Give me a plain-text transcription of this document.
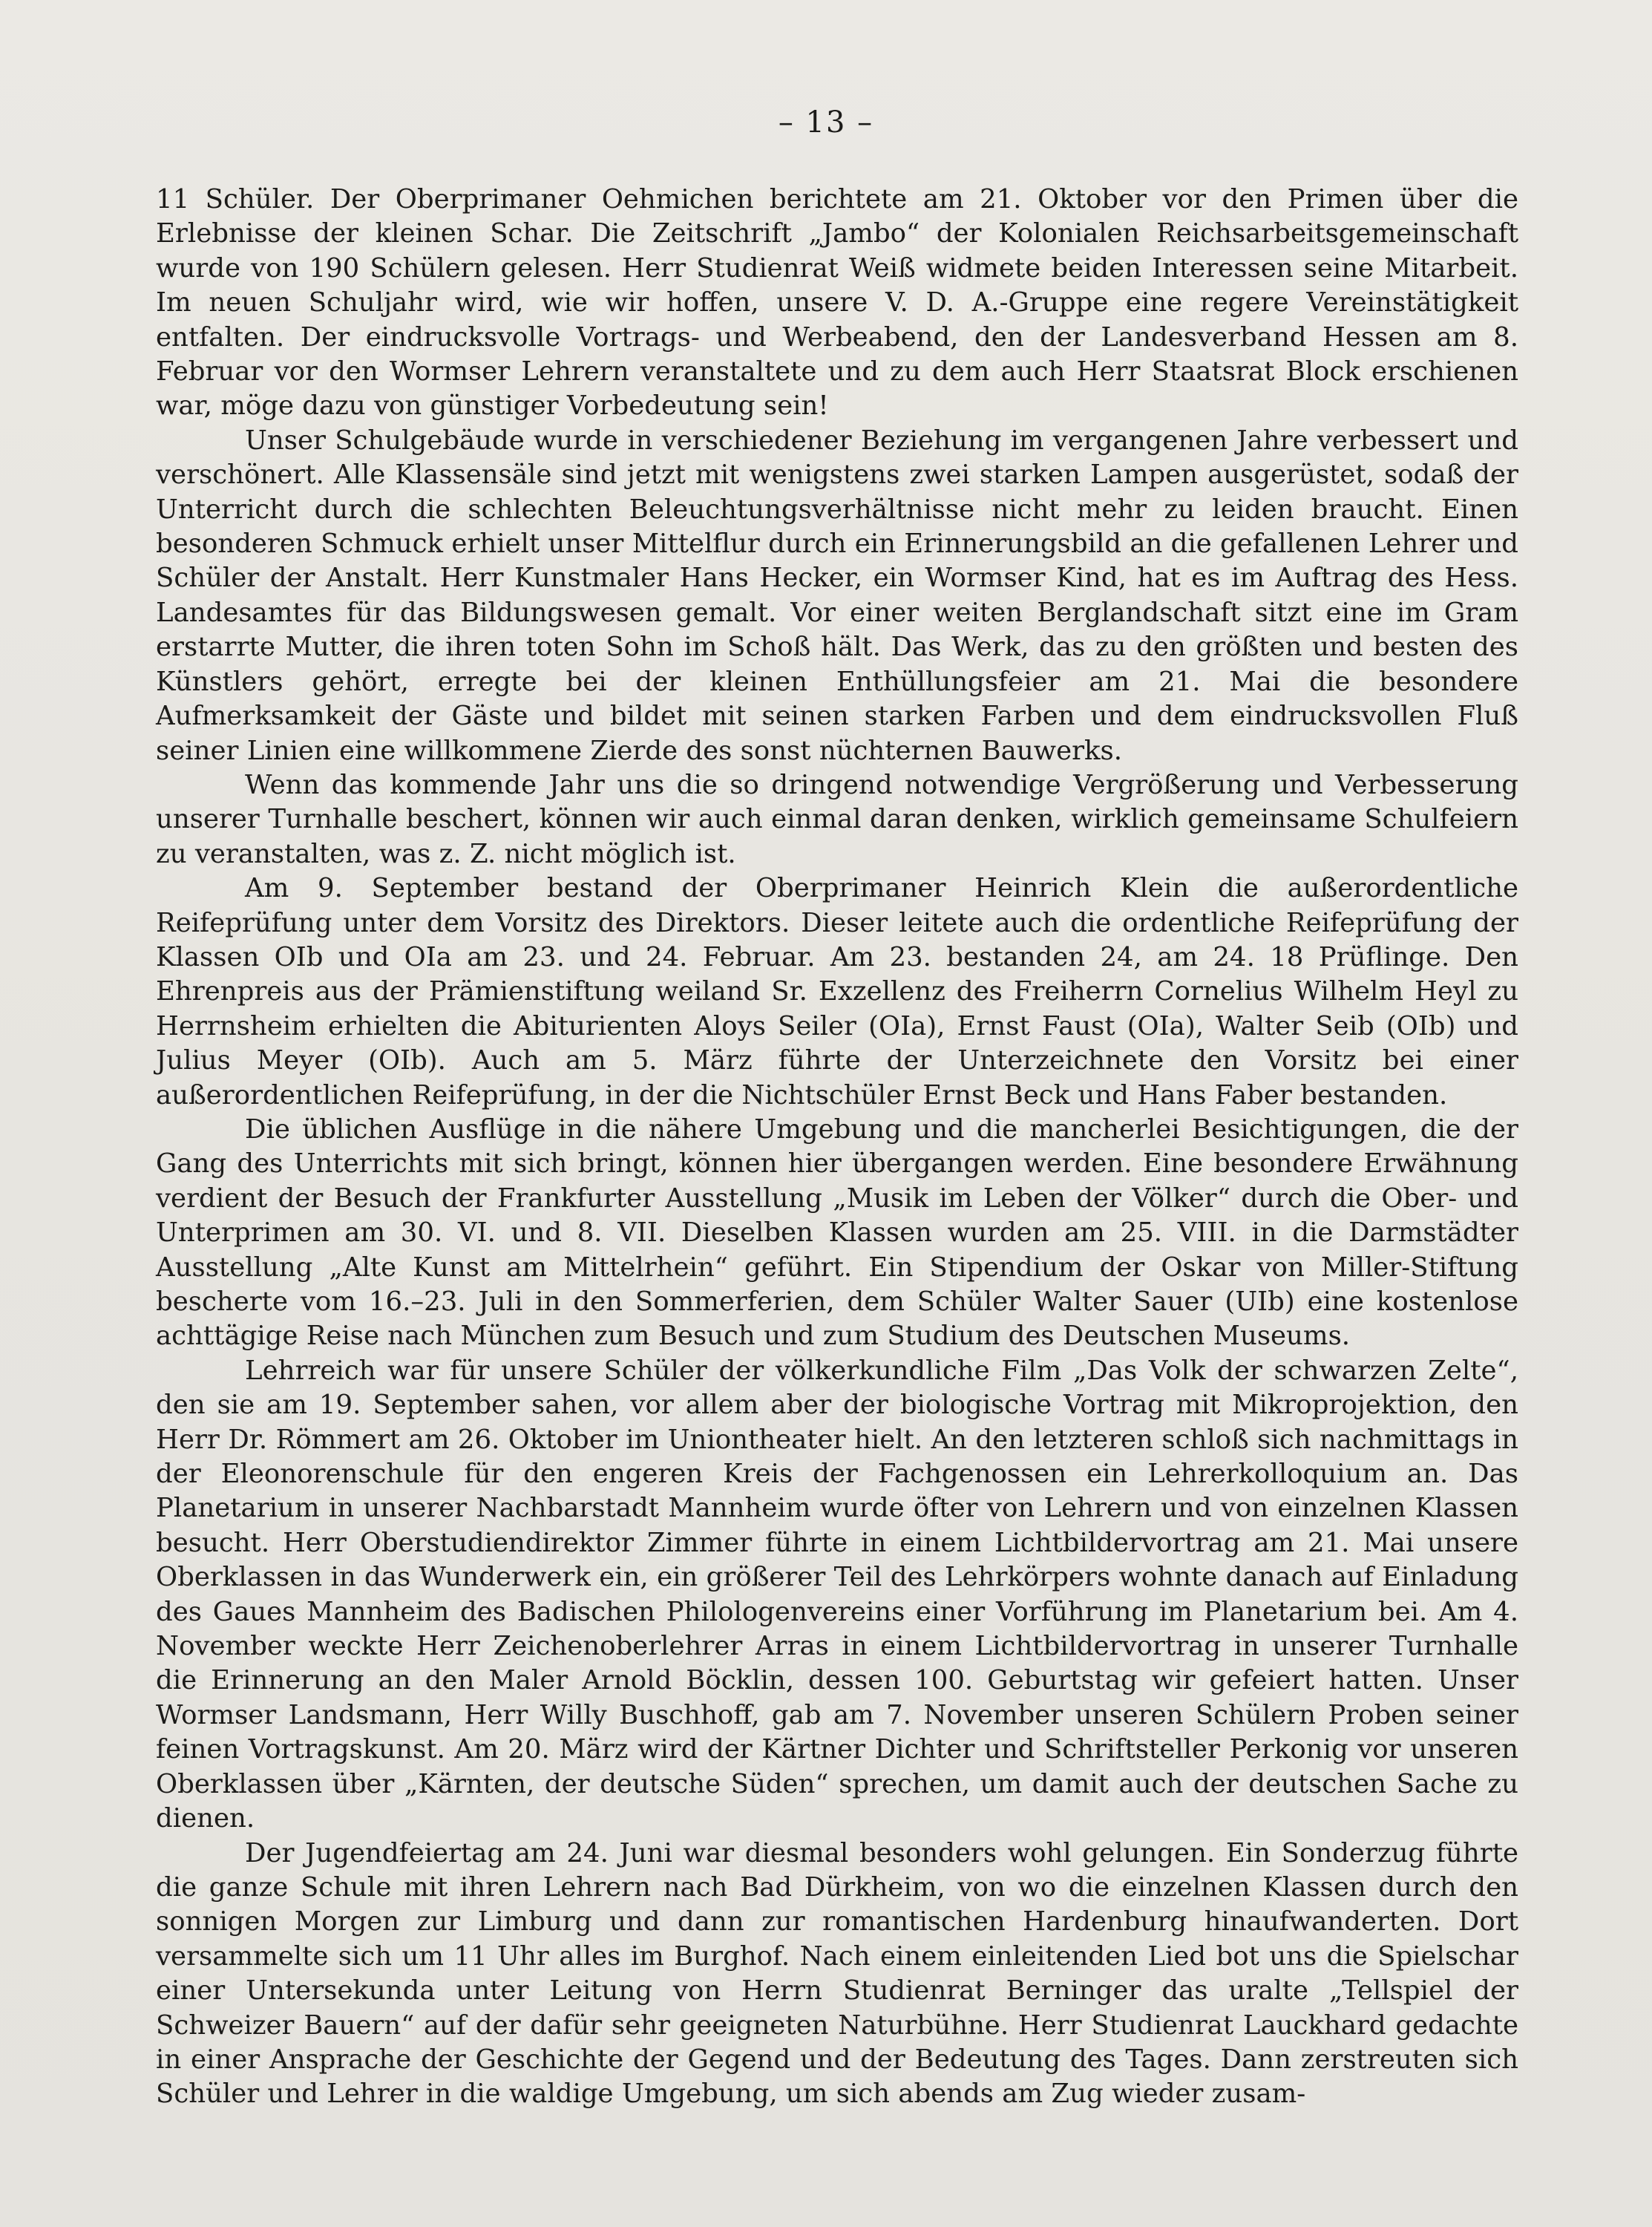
– 13 –

11 Schüler. Der Oberprimaner Oehmichen berichtete am 21. Oktober vor den Primen über die Erlebnisse der kleinen Schar. Die Zeitschrift „Jambo“ der Kolonialen Reichsarbeitsgemeinschaft wurde von 190 Schülern gelesen. Herr Studienrat Weiß widmete beiden Interessen seine Mitarbeit. Im neuen Schuljahr wird, wie wir hoffen, unsere V. D. A.-Gruppe eine regere Vereinstätigkeit entfalten. Der eindrucksvolle Vortrags- und Werbeabend, den der Landesverband Hessen am 8. Februar vor den Wormser Lehrern veranstaltete und zu dem auch Herr Staatsrat Block erschienen war, möge dazu von günstiger Vorbedeutung sein!

Unser Schulgebäude wurde in verschiedener Beziehung im vergangenen Jahre verbessert und verschönert. Alle Klassensäle sind jetzt mit wenigstens zwei starken Lampen ausgerüstet, sodaß der Unterricht durch die schlechten Beleuchtungsverhältnisse nicht mehr zu leiden braucht. Einen besonderen Schmuck erhielt unser Mittelflur durch ein Erinnerungsbild an die gefallenen Lehrer und Schüler der Anstalt. Herr Kunstmaler Hans Hecker, ein Wormser Kind, hat es im Auftrag des Hess. Landesamtes für das Bildungswesen gemalt. Vor einer weiten Berglandschaft sitzt eine im Gram erstarrte Mutter, die ihren toten Sohn im Schoß hält. Das Werk, das zu den größten und besten des Künstlers gehört, erregte bei der kleinen Enthüllungsfeier am 21. Mai die besondere Aufmerksamkeit der Gäste und bildet mit seinen starken Farben und dem eindrucksvollen Fluß seiner Linien eine willkommene Zierde des sonst nüchternen Bauwerks.

Wenn das kommende Jahr uns die so dringend notwendige Vergrößerung und Verbesserung unserer Turnhalle beschert, können wir auch einmal daran denken, wirklich gemeinsame Schulfeiern zu veranstalten, was z. Z. nicht möglich ist.

Am 9. September bestand der Oberprimaner Heinrich Klein die außerordentliche Reifeprüfung unter dem Vorsitz des Direktors. Dieser leitete auch die ordentliche Reifeprüfung der Klassen OIb und OIa am 23. und 24. Februar. Am 23. bestanden 24, am 24. 18 Prüflinge. Den Ehrenpreis aus der Prämienstiftung weiland Sr. Exzellenz des Freiherrn Cornelius Wilhelm Heyl zu Herrnsheim erhielten die Abiturienten Aloys Seiler (OIa), Ernst Faust (OIa), Walter Seib (OIb) und Julius Meyer (OIb). Auch am 5. März führte der Unterzeichnete den Vorsitz bei einer außerordentlichen Reifeprüfung, in der die Nichtschüler Ernst Beck und Hans Faber bestanden.

Die üblichen Ausflüge in die nähere Umgebung und die mancherlei Besichtigungen, die der Gang des Unterrichts mit sich bringt, können hier übergangen werden. Eine besondere Erwähnung verdient der Besuch der Frankfurter Ausstellung „Musik im Leben der Völker“ durch die Ober- und Unterprimen am 30. VI. und 8. VII. Dieselben Klassen wurden am 25. VIII. in die Darmstädter Ausstellung „Alte Kunst am Mittelrhein“ geführt. Ein Stipendium der Oskar von Miller-Stiftung bescherte vom 16.–23. Juli in den Sommerferien, dem Schüler Walter Sauer (UIb) eine kostenlose achttägige Reise nach München zum Besuch und zum Studium des Deutschen Museums.

Lehrreich war für unsere Schüler der völkerkundliche Film „Das Volk der schwarzen Zelte“, den sie am 19. September sahen, vor allem aber der biologische Vortrag mit Mikroprojektion, den Herr Dr. Römmert am 26. Oktober im Uniontheater hielt. An den letzteren schloß sich nachmittags in der Eleonorenschule für den engeren Kreis der Fachgenossen ein Lehrerkolloquium an. Das Planetarium in unserer Nachbarstadt Mannheim wurde öfter von Lehrern und von einzelnen Klassen besucht. Herr Oberstudiendirektor Zimmer führte in einem Lichtbildervortrag am 21. Mai unsere Oberklassen in das Wunderwerk ein, ein größerer Teil des Lehrkörpers wohnte danach auf Einladung des Gaues Mannheim des Badischen Philologenvereins einer Vorführung im Planetarium bei. Am 4. November weckte Herr Zeichenoberlehrer Arras in einem Lichtbildervortrag in unserer Turnhalle die Erinnerung an den Maler Arnold Böcklin, dessen 100. Geburtstag wir gefeiert hatten. Unser Wormser Landsmann, Herr Willy Buschhoff, gab am 7. November unseren Schülern Proben seiner feinen Vortragskunst. Am 20. März wird der Kärtner Dichter und Schriftsteller Perkonig vor unseren Oberklassen über „Kärnten, der deutsche Süden“ sprechen, um damit auch der deutschen Sache zu dienen.

Der Jugendfeiertag am 24. Juni war diesmal besonders wohl gelungen. Ein Sonderzug führte die ganze Schule mit ihren Lehrern nach Bad Dürkheim, von wo die einzelnen Klassen durch den sonnigen Morgen zur Limburg und dann zur romantischen Hardenburg hinaufwanderten. Dort versammelte sich um 11 Uhr alles im Burghof. Nach einem einleitenden Lied bot uns die Spielschar einer Untersekunda unter Leitung von Herrn Studienrat Berninger das uralte „Tellspiel der Schweizer Bauern“ auf der dafür sehr geeigneten Naturbühne. Herr Studienrat Lauckhard gedachte in einer Ansprache der Geschichte der Gegend und der Bedeutung des Tages. Dann zerstreuten sich Schüler und Lehrer in die waldige Umgebung, um sich abends am Zug wieder zusam-
